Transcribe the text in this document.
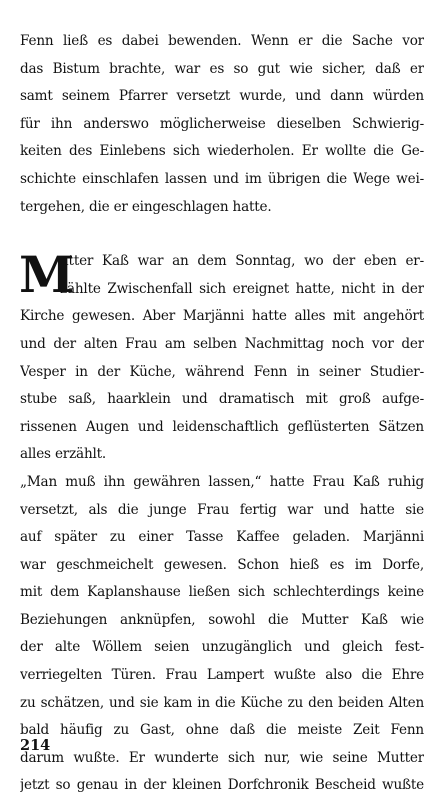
Fenn ließ es dabei bewenden. Wenn er die Sache vor
das Bistum brachte, war es so gut wie sicher, daß er
samt seinem Pfarrer versetzt wurde, und dann würden
für ihn anderswo möglicherweise dieselben Schwierig-
keiten des Einlebens sich wiederholen. Er wollte die Ge-
schichte einschlafen lassen und im übrigen die Wege wei-
tergehen, die er eingeschlagen hatte.
M
utter Kaß war an dem Sonntag, wo der eben er-
zählte Zwischenfall sich ereignet hatte, nicht in der
Kirche gewesen. Aber Marjänni hatte alles mit angehört
und der alten Frau am selben Nachmittag noch vor der
Vesper in der Küche, während Fenn in seiner Studier-
stube saß, haarklein und dramatisch mit groß aufge-
rissenen Augen und leidenschaftlich geflüsterten Sätzen
alles erzählt.
„Man muß ihn gewähren lassen,“ hatte Frau Kaß ruhig
versetzt, als die junge Frau fertig war und hatte sie
auf später zu einer Tasse Kaffee geladen. Marjänni
war geschmeichelt gewesen. Schon hieß es im Dorfe,
mit dem Kaplanshause ließen sich schlechterdings keine
Beziehungen anknüpfen, sowohl die Mutter Kaß wie
der alte Wöllem seien unzugänglich und gleich fest-
verriegelten Türen. Frau Lampert wußte also die Ehre
zu schätzen, und sie kam in die Küche zu den beiden Alten
bald häufig zu Gast, ohne daß die meiste Zeit Fenn
darum wußte. Er wunderte sich nur, wie seine Mutter
jetzt so genau in der kleinen Dorfchronik Bescheid wußte
214
